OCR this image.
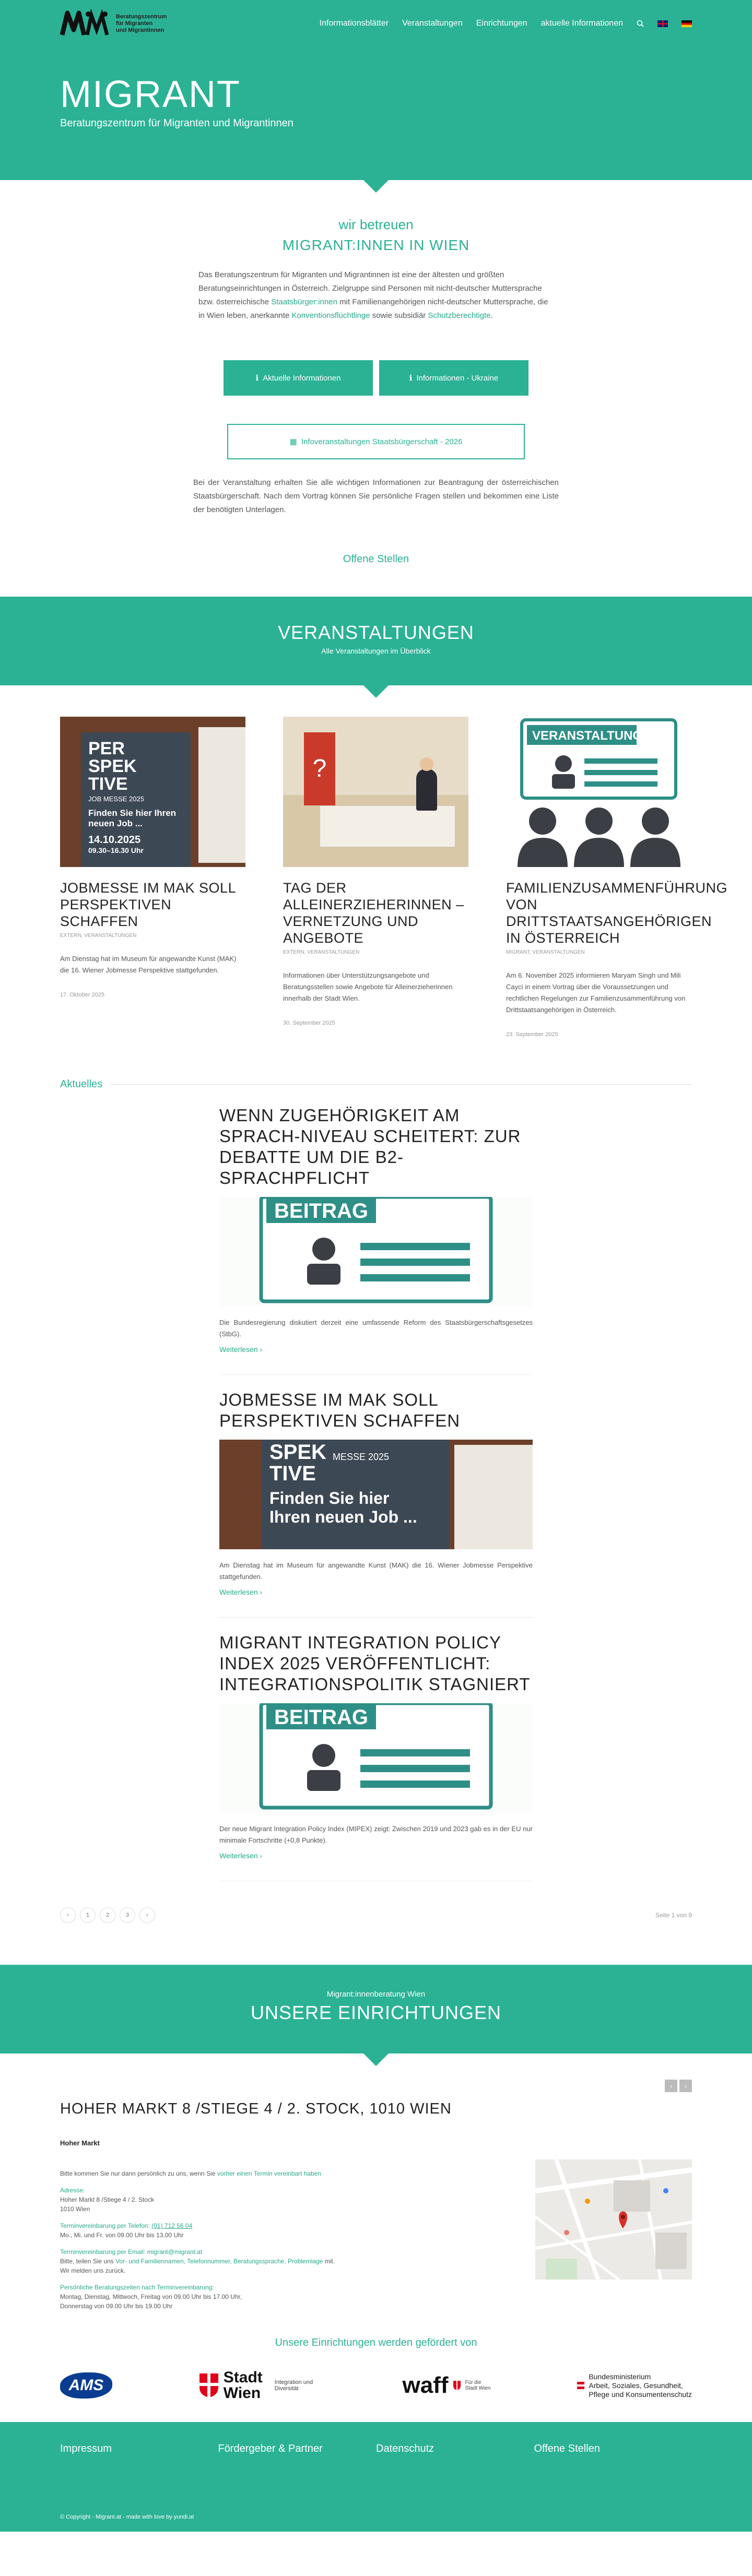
Beratungszentrum
für Migranten
und Migrantinnen
Informationsblätter Veranstaltungen Einrichtungen aktuelle Informationen
MIGRANT
Beratungszentrum für Migranten und Migrantinnen
wir betreuen
MIGRANT:INNEN IN WIEN

Das Beratungszentrum für Migranten und Migrantinnen ist eine der ältesten und größten Beratungseinrichtungen in Österreich. Zielgruppe sind Personen mit nicht-deutscher Muttersprache bzw. österreichische Staatsbürger:innen mit Familienangehörigen nicht-deutscher Muttersprache, die in Wien leben, anerkannte Konventionsflüchtlinge sowie subsidiär Schutzberechtigte.

ℹ Aktuelle Informationen	ℹ Informationen - Ukraine
▦ Infoveranstaltungen Staatsbürgerschaft - 2026

Bei der Veranstaltung erhalten Sie alle wichtigen Informationen zur Beantragung der österreichischen Staatsbürgerschaft. Nach dem Vortrag können Sie persönliche Fragen stellen und bekommen eine Liste der benötigten Unterlagen.

Offene Stellen
VERANSTALTUNGEN

Alle Veranstaltungen im Überblick

PER
SPEK
TIVE
JOB MESSE 2025
Finden Sie hier Ihren neuen Job ...
14.10.2025
09.30–16.30 Uhr
JOBMESSE IM MAK SOLL PERSPEKTIVEN SCHAFFEN
EXTERN, VERANSTALTUNGEN

Am Dienstag hat im Museum für angewandte Kunst (MAK) die 16. Wiener Jobmesse Perspektive stattgefunden.

17. Oktober 2025
?
TAG DER ALLEINERZIEHERINNEN – VERNETZUNG UND ANGEBOTE
EXTERN, VERANSTALTUNGEN

Informationen über Unterstützungsangebote und Beratungsstellen sowie Angebote für Alleinerzieherinnen innerhalb der Stadt Wien.

30. September 2025
VERANSTALTUNG
FAMILIENZUSAMMENFÜHRUNG VON DRITTSTAATSANGEHÖRIGEN IN ÖSTERREICH
MIGRANT, VERANSTALTUNGEN

Am 6. November 2025 informieren Maryam Singh und Mili Cayci in einem Vortrag über die Voraussetzungen und rechtlichen Regelungen zur Familienzusammenführung von Drittstaatsangehörigen in Österreich.

23. September 2025
Aktuelles
WENN ZUGEHÖRIGKEIT AM SPRACH-NIVEAU SCHEITERT: ZUR DEBATTE UM DIE B2-SPRACHPFLICHT
BEITRAG

Die Bundesregierung diskutiert derzeit eine umfassende Reform des Staatsbürgerschaftsgesetzes (StbG).

Weiterlesen ›
JOBMESSE IM MAK SOLL PERSPEKTIVEN SCHAFFEN
SPEK MESSE 2025
TIVE
Finden Sie hier
Ihren neuen Job ...

Am Dienstag hat im Museum für angewandte Kunst (MAK) die 16. Wiener Jobmesse Perspektive stattgefunden.

Weiterlesen ›
MIGRANT INTEGRATION POLICY INDEX 2025 VERÖFFENTLICHT: INTEGRATIONSPOLITIK STAGNIERT
BEITRAG

Der neue Migrant Integration Policy Index (MIPEX) zeigt: Zwischen 2019 und 2023 gab es in der EU nur minimale Fortschritte (+0,8 Punkte).

Weiterlesen ›
‹	1	2	3	›	Seite 1 von 9
Migrant:innenberatung Wien
UNSERE EINRICHTUNGEN
‹	›
HOHER MARKT 8 /STIEGE 4 / 2. STOCK, 1010 WIEN
Hoher Markt

Bitte kommen Sie nur dann persönlich zu uns, wenn Sie vorher einen Termin vereinbart haben

Adresse:
Hoher Markt 8 /Stiege 4 / 2. Stock
1010 Wien

Terminvereinbarung per Telefon: (01) 712 56 04
Mo., Mi. und Fr. von 09.00 Uhr bis 13.00 Uhr

Terminvereinbarung per Email: migrant@migrant.at
Bitte, teilen Sie uns Vor- und Familiennamen, Telefonnummer, Beratungssprache, Problemlage mit.
Wir melden uns zurück.

Persönliche Beratungszeiten nach Terminvereinbarung:
Montag, Dienstag, Mittwoch, Freitag von 09.00 Uhr bis 17.00 Uhr,
Donnerstag von 09.00 Uhr bis 19.00 Uhr

Unsere Einrichtungen werden gefördert von
AMS	Stadt Wien
Integration und Diversität	waff	Für die Stadt Wien
Bundesministerium
Arbeit, Soziales, Gesundheit,
Pflege und Konsumentenschutz
Impressum	Fördergeber & Partner	Datenschutz	Offene Stellen
© Copyright - Migrant.at - made with love by yundi.at
